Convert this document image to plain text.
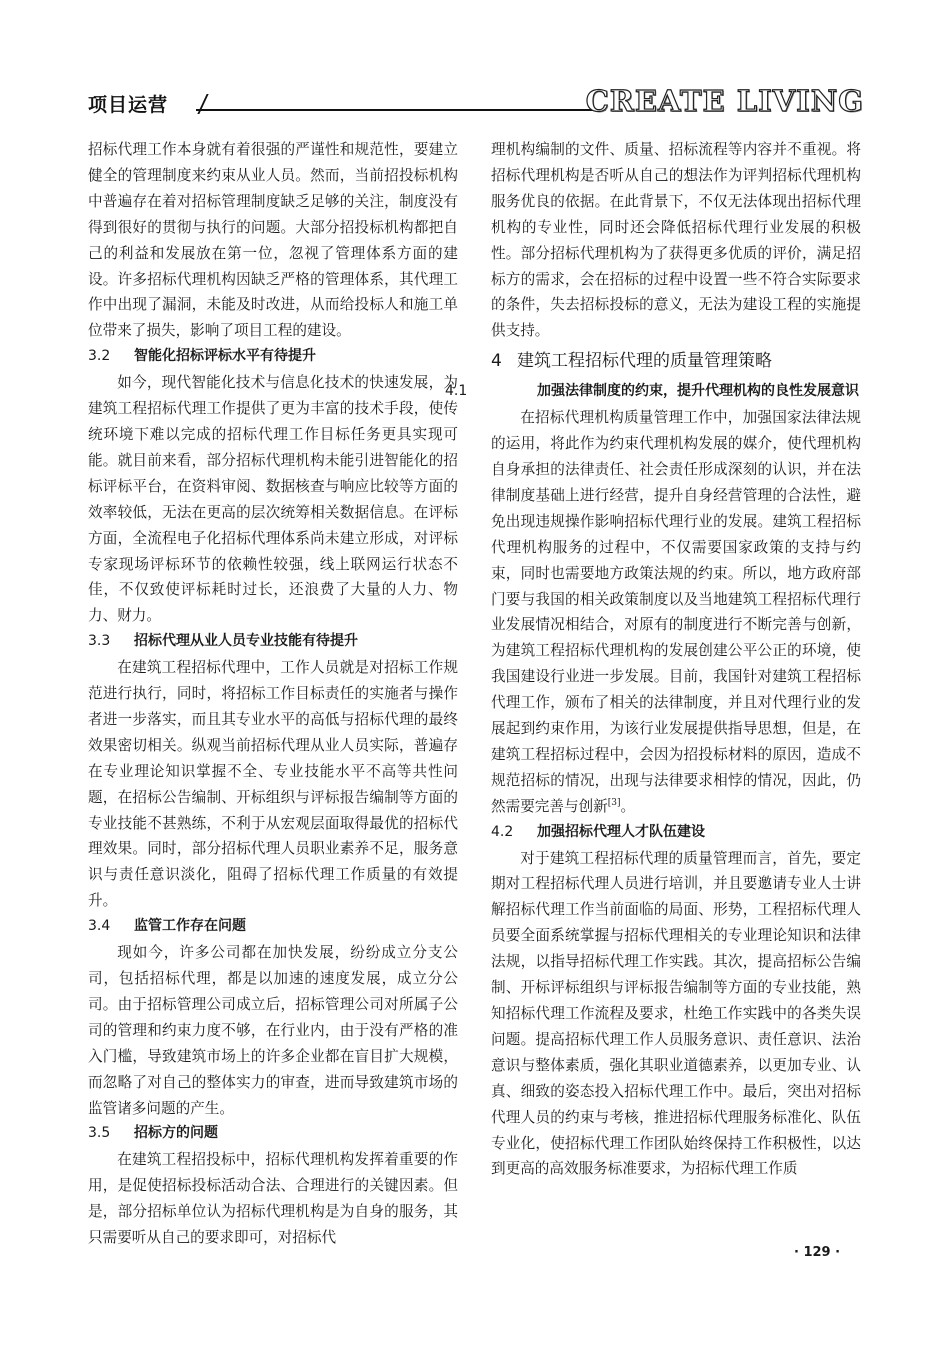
项目运营	CREATE LIVING

招标代理工作本身就有着很强的严谨性和规范性，要建立健全的管理制度来约束从业人员。然而，当前招投标机构中普遍存在着对招标管理制度缺乏足够的关注，制度没有得到很好的贯彻与执行的问题。大部分招投标机构都把自己的利益和发展放在第一位，忽视了管理体系方面的建设。许多招标代理机构因缺乏严格的管理体系，其代理工作中出现了漏洞，未能及时改进，从而给投标人和施工单位带来了损失，影响了项目工程的建设。

3.2 智能化招标评标水平有待提升

如今，现代智能化技术与信息化技术的快速发展，为建筑工程招标代理工作提供了更为丰富的技术手段，使传统环境下难以完成的招标代理工作目标任务更具实现可能。就目前来看，部分招标代理机构未能引进智能化的招标评标平台，在资料审阅、数据核查与响应比较等方面的效率较低，无法在更高的层次统筹相关数据信息。在评标方面，全流程电子化招标代理体系尚未建立形成，对评标专家现场评标环节的依赖性较强，线上联网运行状态不佳，不仅致使评标耗时过长，还浪费了大量的人力、物力、财力。

3.3 招标代理从业人员专业技能有待提升

在建筑工程招标代理中，工作人员就是对招标工作规范进行执行，同时，将招标工作目标责任的实施者与操作者进一步落实，而且其专业水平的高低与招标代理的最终效果密切相关。纵观当前招标代理从业人员实际，普遍存在专业理论知识掌握不全、专业技能水平不高等共性问题，在招标公告编制、开标组织与评标报告编制等方面的专业技能不甚熟练，不利于从宏观层面取得最优的招标代理效果。同时，部分招标代理人员职业素养不足，服务意识与责任意识淡化，阻碍了招标代理工作质量的有效提升。

3.4 监管工作存在问题

现如今，许多公司都在加快发展，纷纷成立分支公司，包括招标代理，都是以加速的速度发展，成立分公司。由于招标管理公司成立后，招标管理公司对所属子公司的管理和约束力度不够，在行业内，由于没有严格的准入门槛，导致建筑市场上的许多企业都在盲目扩大规模，而忽略了对自己的整体实力的审查，进而导致建筑市场的监管诸多问题的产生。

3.5 招标方的问题

在建筑工程招投标中，招标代理机构发挥着重要的作用，是促使招标投标活动合法、合理进行的关键因素。但是，部分招标单位认为招标代理机构是为自身的服务，其只需要听从自己的要求即可，对招标代

理机构编制的文件、质量、招标流程等内容并不重视。将招标代理机构是否听从自己的想法作为评判招标代理机构服务优良的依据。在此背景下，不仅无法体现出招标代理机构的专业性，同时还会降低招标代理行业发展的积极性。部分招标代理机构为了获得更多优质的评价，满足招标方的需求，会在招标的过程中设置一些不符合实际要求的条件，失去招标投标的意义，无法为建设工程的实施提供支持。

4 建筑工程招标代理的质量管理策略
4.1	加强法律制度的约束，提升代理机构的良性发展意识

在招标代理机构质量管理工作中，加强国家法律法规的运用，将此作为约束代理机构发展的媒介，使代理机构自身承担的法律责任、社会责任形成深刻的认识，并在法律制度基础上进行经营，提升自身经营管理的合法性，避免出现违规操作影响招标代理行业的发展。建筑工程招标代理机构服务的过程中，不仅需要国家政策的支持与约束，同时也需要地方政策法规的约束。所以，地方政府部门要与我国的相关政策制度以及当地建筑工程招标代理行业发展情况相结合，对原有的制度进行不断完善与创新，为建筑工程招标代理机构的发展创建公平公正的环境，使我国建设行业进一步发展。目前，我国针对建筑工程招标代理工作，颁布了相关的法律制度，并且对代理行业的发展起到约束作用，为该行业发展提供指导思想，但是，在建筑工程招标过程中，会因为招投标材料的原因，造成不规范招标的情况，出现与法律要求相悖的情况，因此，仍然需要完善与创新[3]。

4.2 加强招标代理人才队伍建设

对于建筑工程招标代理的质量管理而言，首先，要定期对工程招标代理人员进行培训，并且要邀请专业人士讲解招标代理工作当前面临的局面、形势，工程招标代理人员要全面系统掌握与招标代理相关的专业理论知识和法律法规，以指导招标代理工作实践。其次，提高招标公告编制、开标评标组织与评标报告编制等方面的专业技能，熟知招标代理工作流程及要求，杜绝工作实践中的各类失误问题。提高招标代理工作人员服务意识、责任意识、法治意识与整体素质，强化其职业道德素养，以更加专业、认真、细致的姿态投入招标代理工作中。最后，突出对招标代理人员的约束与考核，推进招标代理服务标准化、队伍专业化，使招标代理工作团队始终保持工作积极性，以达到更高的高效服务标准要求，为招标代理工作质

· 129 ·
